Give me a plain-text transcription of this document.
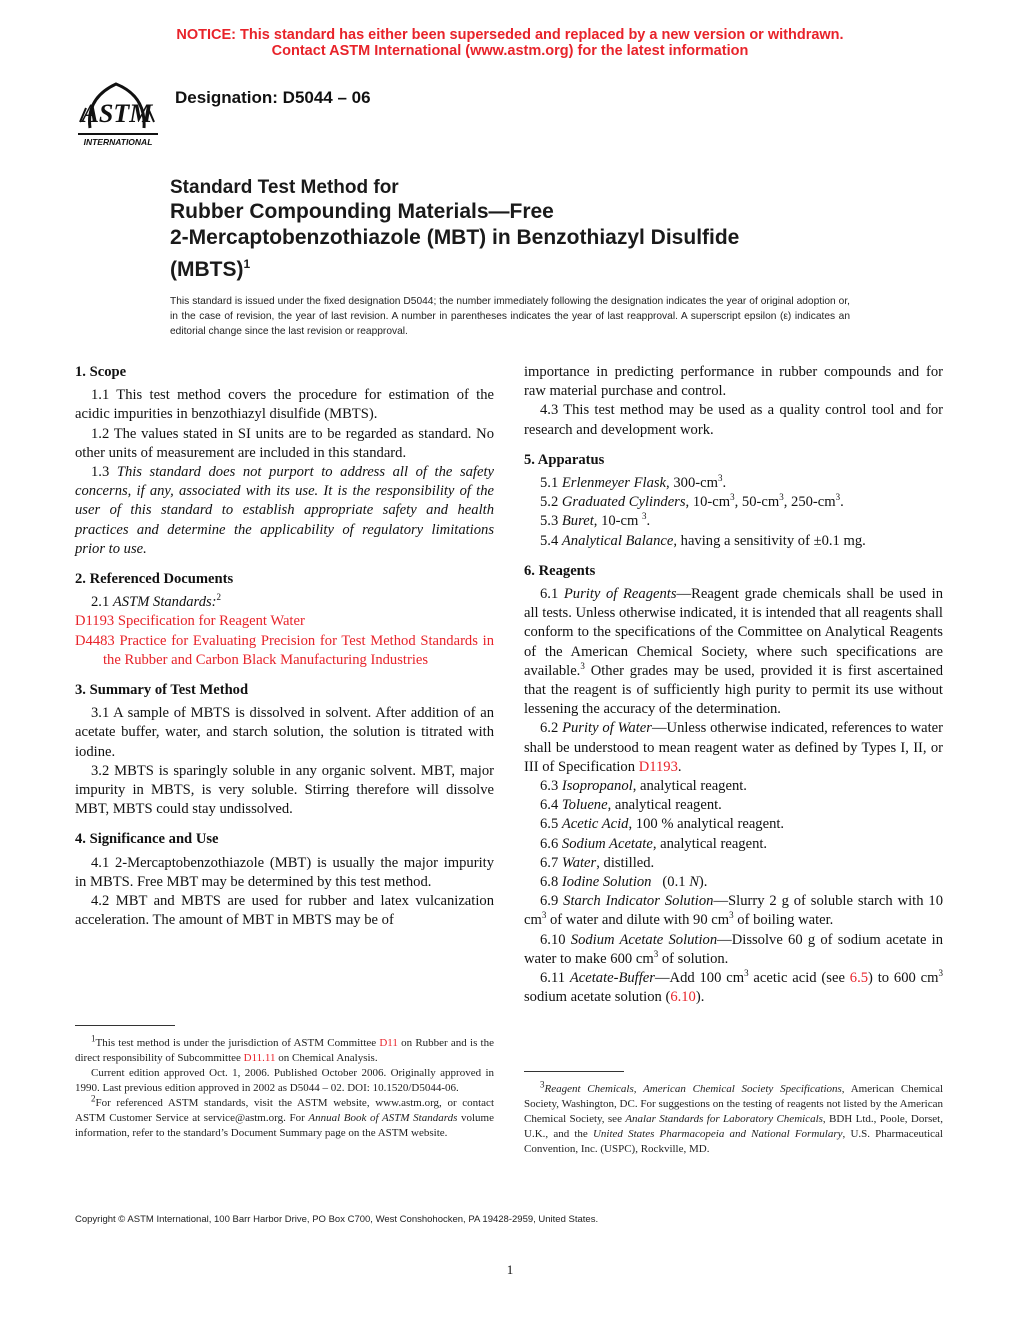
NOTICE: This standard has either been superseded and replaced by a new version or withdrawn.
Contact ASTM International (www.astm.org) for the latest information
ASTM
INTERNATIONAL
Designation: D5044 – 06
Standard Test Method for
Rubber Compounding Materials—Free
2-Mercaptobenzothiazole (MBT) in Benzothiazyl Disulfide
(MBTS)$^1$
This standard is issued under the fixed designation D5044; the number immediately following the designation indicates the year of original adoption or, in the case of revision, the year of last revision. A number in parentheses indicates the year of last reapproval. A superscript epsilon (ε) indicates an editorial change since the last revision or reapproval.
1. Scope

1.1 This test method covers the procedure for estimation of the acidic impurities in benzothiazyl disulfide (MBTS).

1.2 The values stated in SI units are to be regarded as standard. No other units of measurement are included in this standard.

1.3 This standard does not purport to address all of the safety concerns, if any, associated with its use. It is the responsibility of the user of this standard to establish appropriate safety and health practices and determine the applicability of regulatory limitations prior to use.

2. Referenced Documents

2.1 ASTM Standards:$^2$

D1193 Specification for Reagent Water

D4483 Practice for Evaluating Precision for Test Method Standards in the Rubber and Carbon Black Manufacturing Industries

3. Summary of Test Method

3.1 A sample of MBTS is dissolved in solvent. After addition of an acetate buffer, water, and starch solution, the solution is titrated with iodine.

3.2 MBTS is sparingly soluble in any organic solvent. MBT, major impurity in MBTS, is very soluble. Stirring therefore will dissolve MBT, MBTS could stay undissolved.

4. Significance and Use

4.1 2-Mercaptobenzothiazole (MBT) is usually the major impurity in MBTS. Free MBT may be determined by this test method.

4.2 MBT and MBTS are used for rubber and latex vulcanization acceleration. The amount of MBT in MBTS may be of

importance in predicting performance in rubber compounds and for raw material purchase and control.

4.3 This test method may be used as a quality control tool and for research and development work.

5. Apparatus

5.1 Erlenmeyer Flask, $300-cm^3$.

5.2 Graduated Cylinders, $10-cm^3$, $50-cm^3$, $250-cm^3$.

5.3 Buret, 10-cm $^3$.

5.4 Analytical Balance, having a sensitivity of ±0.1 mg.

6. Reagents

6.1 Purity of Reagents—Reagent grade chemicals shall be used in all tests. Unless otherwise indicated, it is intended that all reagents shall conform to the specifications of the Committee on Analytical Reagents of the American Chemical Society, where such specifications are available.$^3$ Other grades may be used, provided it is first ascertained that the reagent is of sufficiently high purity to permit its use without lessening the accuracy of the determination.

6.2 Purity of Water—Unless otherwise indicated, references to water shall be understood to mean reagent water as defined by Types I, II, or III of Specification D1193.

6.3 Isopropanol, analytical reagent.

6.4 Toluene, analytical reagent.

6.5 Acetic Acid, 100 % analytical reagent.

6.6 Sodium Acetate, analytical reagent.

6.7 Water, distilled.

6.8 Iodine Solution   (0.1 N).

6.9 Starch Indicator Solution—Slurry 2 g of soluble starch with 10 $cm^3$ of water and dilute with 90 $cm^3$ of boiling water.

6.10 Sodium Acetate Solution—Dissolve 60 g of sodium acetate in water to make 600 $cm^3$ of solution.

6.11 Acetate-Buffer—Add 100 $cm^3$ acetic acid (see 6.5) to 600 $cm^3$ sodium acetate solution (6.10).

$^1$This test method is under the jurisdiction of ASTM Committee D11 on Rubber and is the direct responsibility of Subcommittee D11.11 on Chemical Analysis.

Current edition approved Oct. 1, 2006. Published October 2006. Originally approved in 1990. Last previous edition approved in 2002 as D5044 – 02. DOI: 10.1520/D5044-06.

$^2$For referenced ASTM standards, visit the ASTM website, www.astm.org, or contact ASTM Customer Service at service@astm.org. For Annual Book of ASTM Standards volume information, refer to the standard’s Document Summary page on the ASTM website.

$^3$Reagent Chemicals, American Chemical Society Specifications, American Chemical Society, Washington, DC. For suggestions on the testing of reagents not listed by the American Chemical Society, see Analar Standards for Laboratory Chemicals, BDH Ltd., Poole, Dorset, U.K., and the United States Pharmacopeia and National Formulary, U.S. Pharmaceutical Convention, Inc. (USPC), Rockville, MD.

Copyright © ASTM International, 100 Barr Harbor Drive, PO Box C700, West Conshohocken, PA 19428-2959, United States.
1
